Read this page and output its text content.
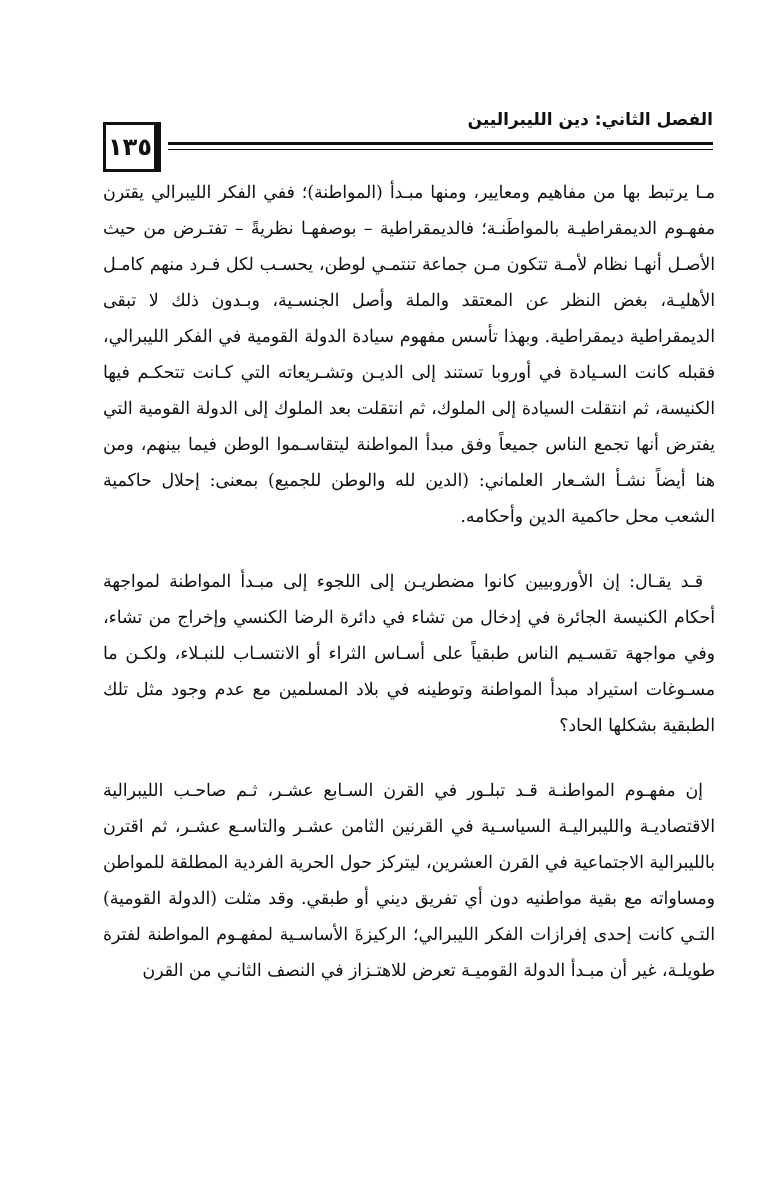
الفصل الثاني: دين الليبراليين
١٣٥

مـا يرتبط بها من مفاهيم ومعايير، ومنها مبـدأ (المواطنة)؛ ففي الفكر الليبرالي يقترن مفهـوم الديمقراطيـة بالمواطَنـة؛ فالديمقراطية – بوصفهـا نظريةً – تفتـرض من حيث الأصـل أنهـا نظام لأمـة تتكون مـن جماعة تنتمـي لوطن، يحسـب لكل فـرد منهم كامـل الأهليـة، بغض النظر عن المعتقد والملة وأصل الجنسـية، وبـدون ذلك لا تبقى الديمقراطية ديمقراطية. وبهذا تأسس مفهوم سيادة الدولة القومية في الفكر الليبرالي، فقبله كانت السـيادة في أوروبا تستند إلى الديـن وتشـريعاته التي كـانت تتحكـم فيها الكنيسة، ثم انتقلت السيادة إلى الملوك، ثم انتقلت بعد الملوك إلى الدولة القومية التي يفترض أنها تجمع الناس جميعاً وفق مبدأ المواطنة ليتقاسـموا الوطن فيما بينهم، ومن هنا أيضاً نشـأ الشـعار العلماني: (الدين لله والوطن للجميع) بمعنى: إحلال حاكمية الشعب محل حاكمية الدين وأحكامه.

قـد يقـال: إن الأوروبيين كانوا مضطريـن إلى اللجوء إلى مبـدأ المواطنة لمواجهة أحكام الكنيسة الجائرة في إدخال من تشاء في دائرة الرضا الكنسي وإخراج من تشاء، وفي مواجهة تقسـيم الناس طبقياً على أسـاس الثراء أو الانتسـاب للنبـلاء، ولكـن ما مسـوغات استيراد مبدأ المواطنة وتوطينه في بلاد المسلمين مع عدم وجود مثل تلك الطبقية بشكلها الحاد؟

إن مفهـوم المواطنـة قـد تبلـور في القرن السـابع عشـر، ثـم صاحـب الليبرالية الاقتصاديـة والليبراليـة السياسـية في القرنين الثامن عشـر والتاسـع عشـر، ثم اقترن بالليبرالية الاجتماعية في القرن العشرين، ليتركز حول الحرية الفردية المطلقة للمواطن ومساواته مع بقية مواطنيه دون أي تفريق ديني أو طبقي. وقد مثلت (الدولة القومية) التـي كانت إحدى إفرازات الفكر الليبرالي؛ الركيزةَ الأساسـية لمفهـوم المواطنة لفترة طويلـة، غير أن مبـدأ الدولة القوميـة تعرض للاهتـزاز في النصف الثانـي من القرن
